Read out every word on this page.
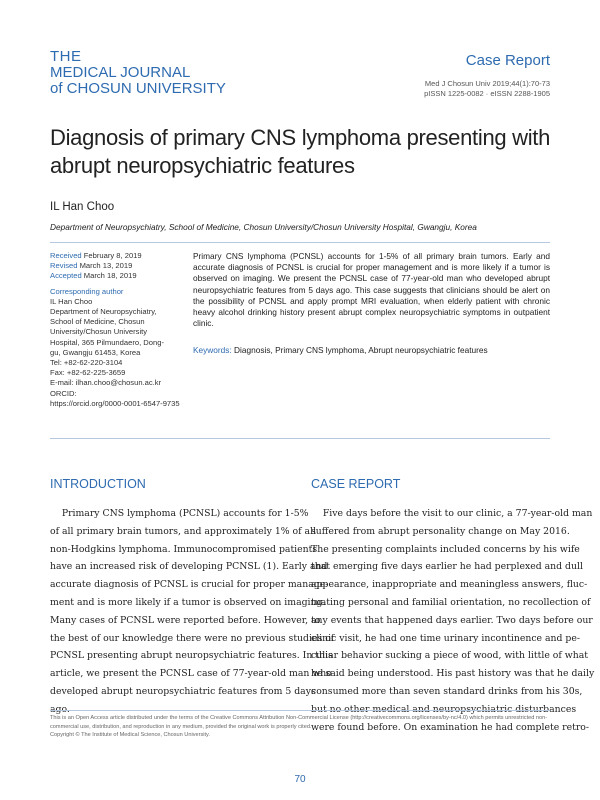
THE
MEDICAL JOURNAL
of CHOSUN UNIVERSITY
Case Report
Med J Chosun Univ 2019;44(1):70-73
pISSN 1225-0082 · eISSN 2288-1905
Diagnosis of primary CNS lymphoma presenting with abrupt neuropsychiatric features
IL Han Choo
Department of Neuropsychiatry, School of Medicine, Chosun University/Chosun University Hospital, Gwangju, Korea
Received February 8, 2019
Revised March 13, 2019
Accepted March 18, 2019
Corresponding author
IL Han Choo
Department of Neuropsychiatry,
School of Medicine, Chosun
University/Chosun University
Hospital, 365 Pilmundaero, Dong-
gu, Gwangju 61453, Korea
Tel: +82-62-220-3104
Fax: +82-62-225-3659
E-mail: ilhan.choo@chosun.ac.kr
ORCID:
https://orcid.org/0000-0001-6547-9735

Primary CNS lymphoma (PCNSL) accounts for 1-5% of all primary brain tumors. Early and accurate diagnosis of PCNSL is crucial for proper management and is more likely if a tumor is observed on imaging. We present the PCNSL case of 77-year-old man who developed abrupt neuropsychiatric features from 5 days ago. This case suggests that clinicians should be alert on the possibility of PCNSL and apply prompt MRI evaluation, when elderly patient with chronic heavy alcohol drinking history present abrupt complex neuropsychiatric symptoms in outpatient clinic.

Keywords: Diagnosis, Primary CNS lymphoma, Abrupt neuropsychiatric features
INTRODUCTION	CASE REPORT
Primary CNS lymphoma (PCNSL) accounts for 1-5%
of all primary brain tumors, and approximately 1% of all
non-Hodgkins lymphoma. Immunocompromised patients
have an increased risk of developing PCNSL (1). Early and
accurate diagnosis of PCNSL is crucial for proper manage-
ment and is more likely if a tumor is observed on imaging.
Many cases of PCNSL were reported before. However, to
the best of our knowledge there were no previous studies of
PCNSL presenting abrupt neuropsychiatric features. In this
article, we present the PCNSL case of 77-year-old man who
developed abrupt neuropsychiatric features from 5 days
ago.
Five days before the visit to our clinic, a 77-year-old man
suffered from abrupt personality change on May 2016.
The presenting complaints included concerns by his wife
that emerging five days earlier he had perplexed and dull
appearance, inappropriate and meaningless answers, fluc-
tuating personal and familial orientation, no recollection of
any events that happened days earlier. Two days before our
clinic visit, he had one time urinary incontinence and pe-
culiar behavior sucking a piece of wood, with little of what
he said being understood. His past history was that he daily
consumed more than seven standard drinks from his 30s,
but no other medical and neuropsychiatric disturbances
were found before. On examination he had complete retro-
This is an Open Access article distributed under the terms of the Creative Commons Attribution Non-Commercial License (http://creativecommons.org/licenses/by-nc/4.0) which permits unrestricted non-
commercial use, distribution, and reproduction in any medium, provided the original work is properly cited.
Copyright © The Institute of Medical Science, Chosun University.
70
